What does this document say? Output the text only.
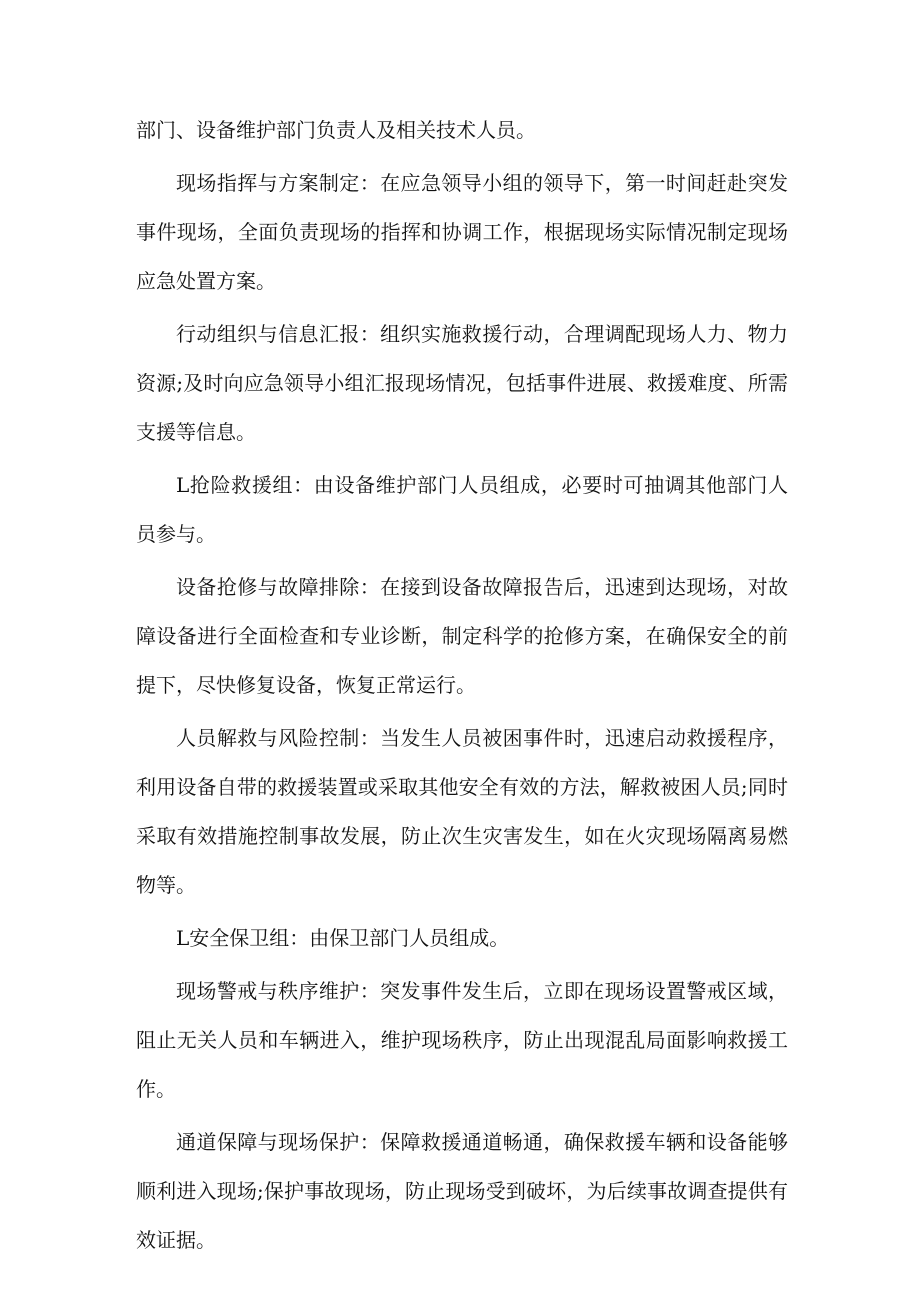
部门、设备维护部门负责人及相关技术人员。

现场指挥与方案制定：在应急领导小组的领导下，第一时间赶赴突发事件现场，全面负责现场的指挥和协调工作，根据现场实际情况制定现场应急处置方案。

行动组织与信息汇报：组织实施救援行动，合理调配现场人力、物力资源;及时向应急领导小组汇报现场情况，包括事件进展、救援难度、所需支援等信息。

L抢险救援组：由设备维护部门人员组成，必要时可抽调其他部门人员参与。

设备抢修与故障排除：在接到设备故障报告后，迅速到达现场，对故障设备进行全面检查和专业诊断，制定科学的抢修方案，在确保安全的前提下，尽快修复设备，恢复正常运行。

人员解救与风险控制：当发生人员被困事件时，迅速启动救援程序，利用设备自带的救援装置或采取其他安全有效的方法，解救被困人员;同时采取有效措施控制事故发展，防止次生灾害发生，如在火灾现场隔离易燃物等。

L安全保卫组：由保卫部门人员组成。

现场警戒与秩序维护：突发事件发生后，立即在现场设置警戒区域，阻止无关人员和车辆进入，维护现场秩序，防止出现混乱局面影响救援工作。

通道保障与现场保护：保障救援通道畅通，确保救援车辆和设备能够顺利进入现场;保护事故现场，防止现场受到破坏，为后续事故调查提供有效证据。
